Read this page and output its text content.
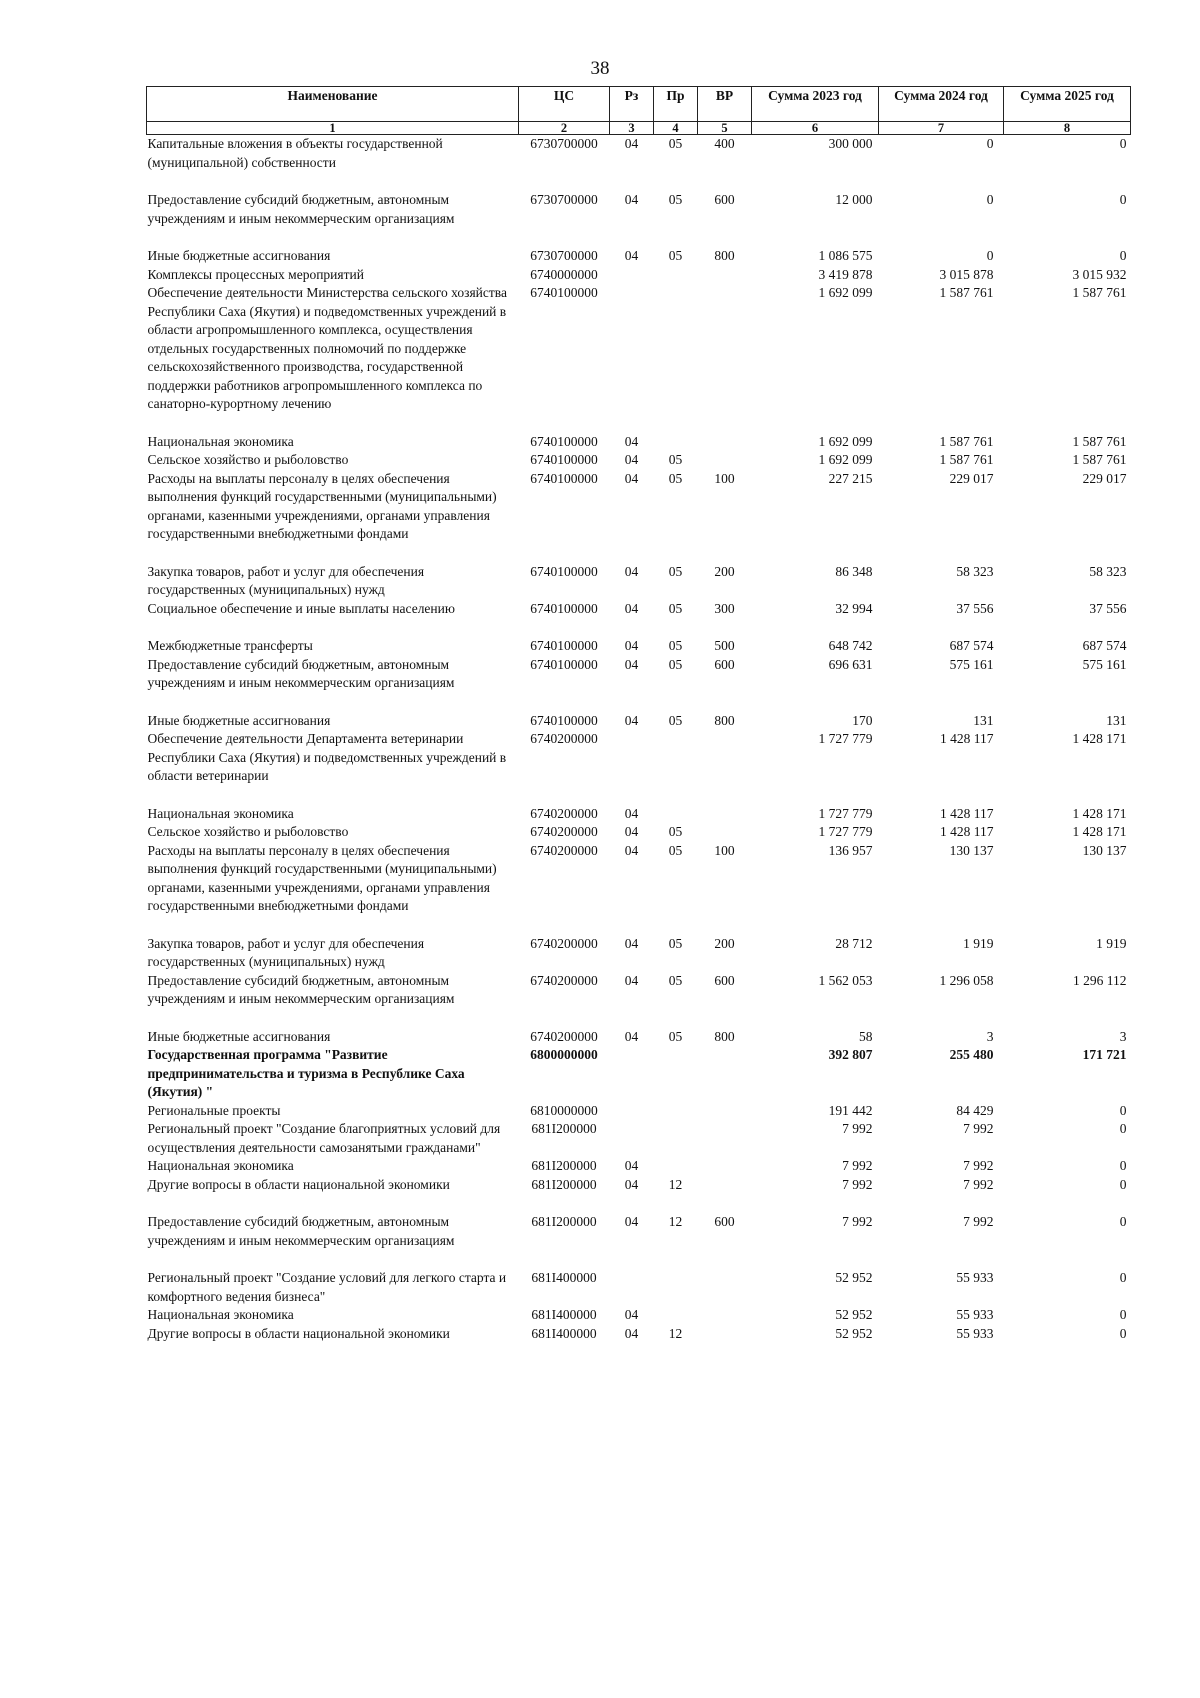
38
Наименование	ЦС	Рз	Пр	ВР	Сумма 2023 год	Сумма 2024 год	Сумма 2025 год
1	2	3	4	5	6	7	8
Капитальные вложения в объекты государственной (муниципальной) собственности	6730700000	04	05	400	300 000	0	0
Предоставление субсидий бюджетным, автономным учреждениям и иным некоммерческим организациям	6730700000	04	05	600	12 000	0	0
Иные бюджетные ассигнования	6730700000	04	05	800	1 086 575	0	0
Комплексы процессных мероприятий	6740000000				3 419 878	3 015 878	3 015 932
Обеспечение деятельности Министерства сельского хозяйства Республики Саха (Якутия) и подведомственных учреждений в области агропромышленного комплекса, осуществления отдельных государственных полномочий по поддержке сельскохозяйственного производства, государственной поддержки работников агропромышленного комплекса по санаторно-курортному лечению	6740100000				1 692 099	1 587 761	1 587 761
Национальная экономика	6740100000	04			1 692 099	1 587 761	1 587 761
Сельское хозяйство и рыболовство	6740100000	04	05		1 692 099	1 587 761	1 587 761
Расходы на выплаты персоналу в целях обеспечения выполнения функций государственными (муниципальными) органами, казенными учреждениями, органами управления государственными внебюджетными фондами	6740100000	04	05	100	227 215	229 017	229 017
Закупка товаров, работ и услуг для обеспечения государственных (муниципальных) нужд	6740100000	04	05	200	86 348	58 323	58 323
Социальное обеспечение и иные выплаты населению	6740100000	04	05	300	32 994	37 556	37 556
Межбюджетные трансферты	6740100000	04	05	500	648 742	687 574	687 574
Предоставление субсидий бюджетным, автономным учреждениям и иным некоммерческим организациям	6740100000	04	05	600	696 631	575 161	575 161
Иные бюджетные ассигнования	6740100000	04	05	800	170	131	131
Обеспечение деятельности Департамента ветеринарии Республики Саха (Якутия) и подведомственных учреждений в области ветеринарии	6740200000				1 727 779	1 428 117	1 428 171
Национальная экономика	6740200000	04			1 727 779	1 428 117	1 428 171
Сельское хозяйство и рыболовство	6740200000	04	05		1 727 779	1 428 117	1 428 171
Расходы на выплаты персоналу в целях обеспечения выполнения функций государственными (муниципальными) органами, казенными учреждениями, органами управления государственными внебюджетными фондами	6740200000	04	05	100	136 957	130 137	130 137
Закупка товаров, работ и услуг для обеспечения государственных (муниципальных) нужд	6740200000	04	05	200	28 712	1 919	1 919
Предоставление субсидий бюджетным, автономным учреждениям и иным некоммерческим организациям	6740200000	04	05	600	1 562 053	1 296 058	1 296 112
Иные бюджетные ассигнования	6740200000	04	05	800	58	3	3
Государственная программа "Развитие предпринимательства и туризма в Республике Саха (Якутия) "	6800000000				392 807	255 480	171 721
Региональные проекты	6810000000				191 442	84 429	0
Региональный проект "Создание благоприятных условий для осуществления деятельности самозанятыми гражданами"	681I200000				7 992	7 992	0
Национальная экономика	681I200000	04			7 992	7 992	0
Другие вопросы в области национальной экономики	681I200000	04	12		7 992	7 992	0
Предоставление субсидий бюджетным, автономным учреждениям и иным некоммерческим организациям	681I200000	04	12	600	7 992	7 992	0
Региональный проект "Создание условий для легкого старта и комфортного ведения бизнеса"	681I400000				52 952	55 933	0
Национальная экономика	681I400000	04			52 952	55 933	0
Другие вопросы в области национальной экономики	681I400000	04	12		52 952	55 933	0
